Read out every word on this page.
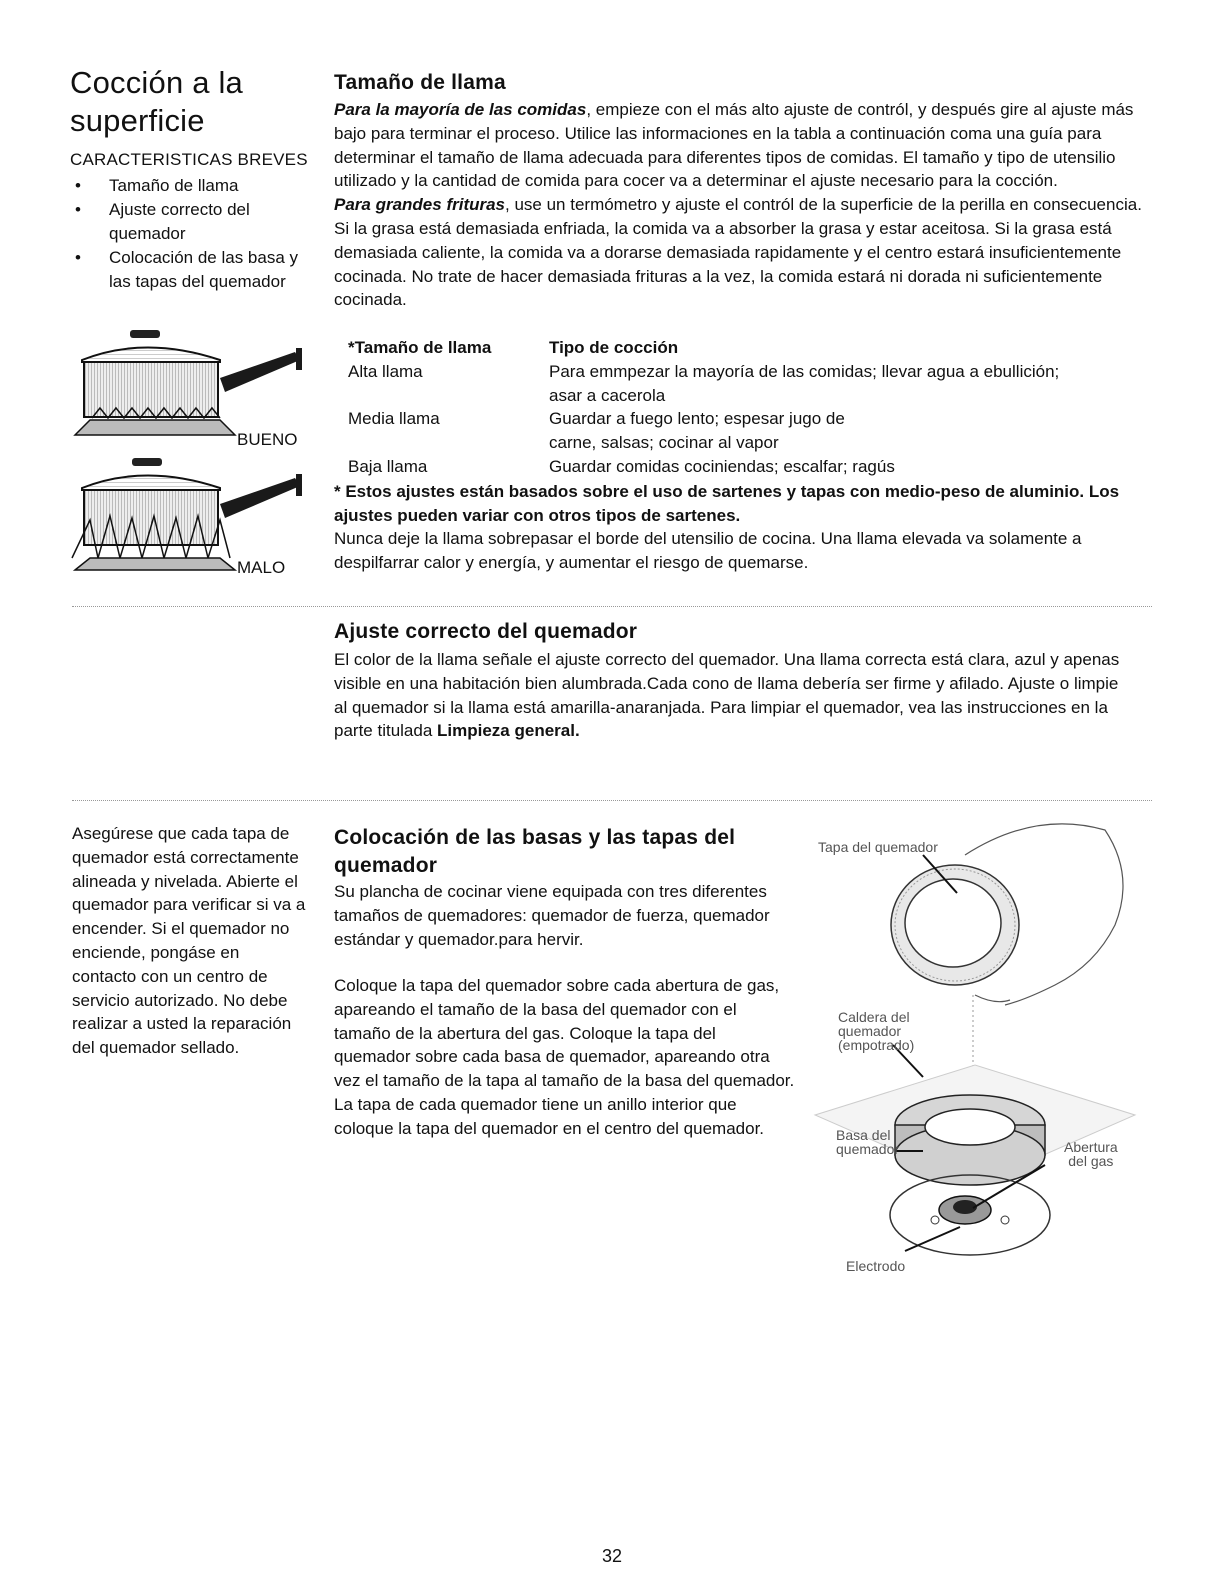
Cocción a la superficie
CARACTERISTICAS BREVES
• Tamaño de llama
• Ajuste correcto del quemador
• Colocación de las basa y las tapas del quemador
BUENO
MALO
Tamaño de llama
Para la mayoría de las comidas, empieze con el más alto ajuste de contról, y después gire al ajuste más bajo para terminar el proceso. Utilice las informaciones en la tabla a continuación coma una guía para determinar el tamaño de llama adecuada para diferentes tipos de comidas. El tamaño y tipo de utensilio utilizado y la cantidad de comida para cocer va a determinar el ajuste necesario para la cocción.
Para grandes frituras, use un termómetro y ajuste el contról de la superficie de la perilla en consecuencia. Si la grasa está demasiada enfriada, la comida va a absorber la grasa y estar aceitosa. Si la grasa está demasiada caliente, la comida va a dorarse demasiada rapidamente y el centro estará insuficientemente cocinada. No trate de hacer demasiada frituras a la vez, la comida estará ni dorada ni suficientemente cocinada.
*Tamaño de llama	Tipo de cocción
Alta llama	Para emmpezar la mayoría de las comidas; llevar agua a ebullición;
asar a cacerola
Media llama	Guardar a fuego lento; espesar jugo de
carne, salsas; cocinar al vapor
Baja llama	Guardar comidas cociniendas; escalfar; ragús
* Estos ajustes están basados sobre el uso de sartenes y tapas con medio-peso de aluminio. Los ajustes pueden variar con otros tipos de sartenes.
Nunca deje la llama sobrepasar el borde del utensilio de cocina. Una llama elevada va solamente a despilfarrar calor y energía, y aumentar el riesgo de quemarse.
Ajuste correcto del quemador
El color de la llama señale el ajuste correcto del quemador. Una llama correcta está clara, azul y apenas visible en una habitación bien alumbrada.Cada cono de llama debería ser firme y afilado. Ajuste o limpie al quemador si la llama está amarilla-anaranjada. Para limpiar el quemador, vea las instrucciones en la parte titulada Limpieza general.
Asegúrese que cada tapa de quemador está correctamente alineada y nivelada. Abierte el quemador para verificar si va a encender. Si el quemador no enciende, pongáse en contacto con un centro de servicio autorizado. No debe realizar a usted la reparación del quemador sellado.
Colocación de las basas y las tapas del quemador
Su plancha de cocinar viene equipada con tres diferentes tamaños de quemadores: quemador de fuerza, quemador estándar y quemador.para hervir.
Coloque la tapa del quemador sobre cada abertura de gas, apareando el tamaño de la basa del quemador con el tamaño de la abertura del gas. Coloque la tapa del quemador sobre cada basa de quemador, apareando otra vez el tamaño de la tapa al tamaño de la basa del quemador. La tapa de cada quemador tiene un anillo interior que coloque la tapa del quemador en el centro del quemador.
Tapa del quemador
Caldera del
quemador
(empotrado)
Basa del
quemador	Abertura
del gas
Electrodo
32
